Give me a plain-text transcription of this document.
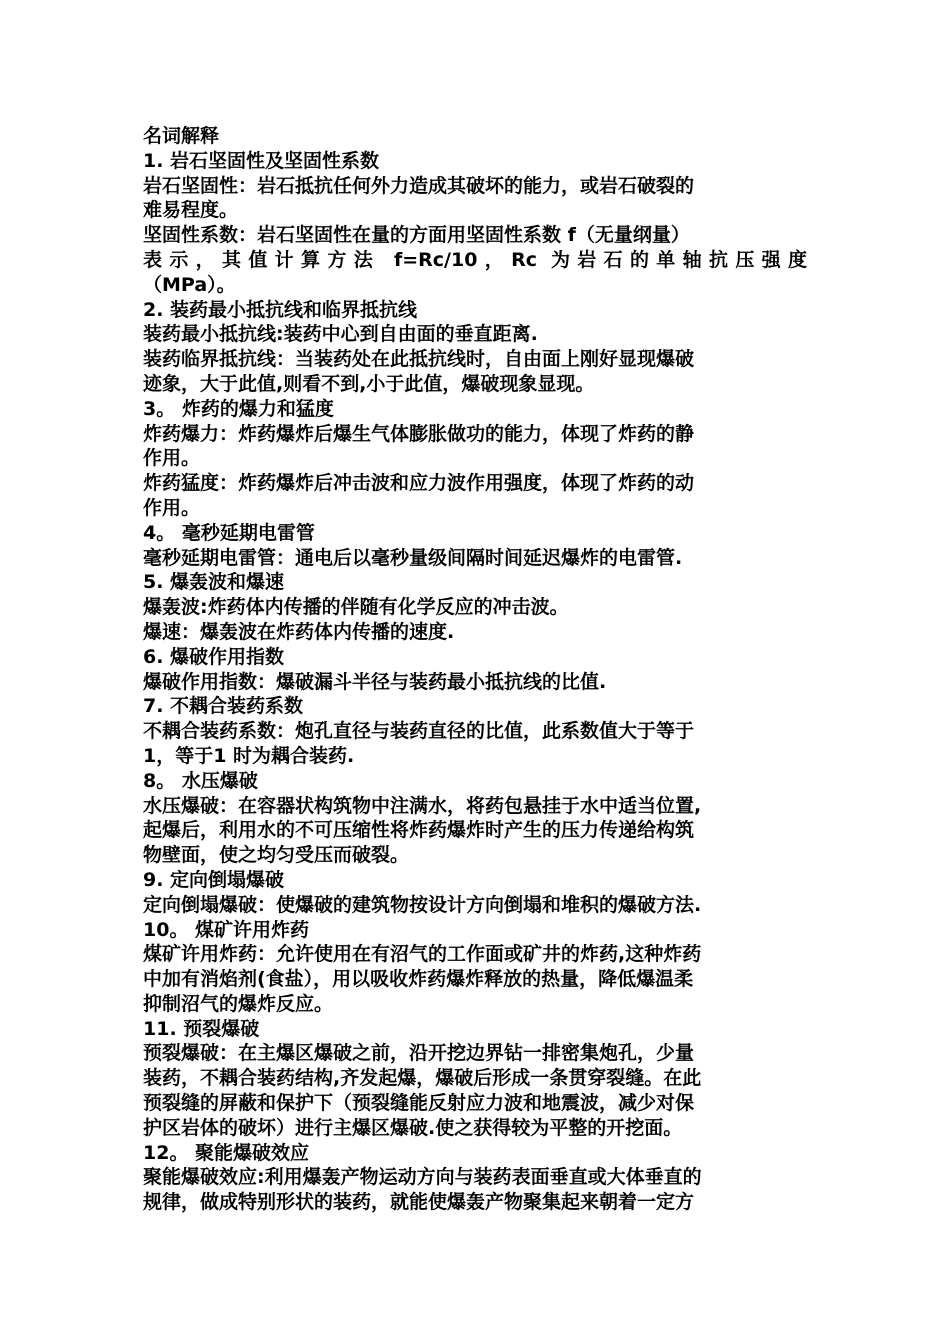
名词解释
1. 岩石坚固性及坚固性系数
岩石坚固性：岩石抵抗任何外力造成其破坏的能力，或岩石破裂的
难易程度。
坚固性系数：岩石坚固性在量的方面用坚固性系数 f（无量纲量）
表示，其值计算方法 f=Rc/10，Rc 为岩石的单轴抗压强度
（MPa）。
2. 装药最小抵抗线和临界抵抗线
装药最小抵抗线:装药中心到自由面的垂直距离.
装药临界抵抗线：当装药处在此抵抗线时，自由面上刚好显现爆破
迹象，大于此值,则看不到,小于此值，爆破现象显现。
3。 炸药的爆力和猛度
炸药爆力：炸药爆炸后爆生气体膨胀做功的能力，体现了炸药的静
作用。
炸药猛度：炸药爆炸后冲击波和应力波作用强度，体现了炸药的动
作用。
4。 毫秒延期电雷管
毫秒延期电雷管：通电后以毫秒量级间隔时间延迟爆炸的电雷管.
5. 爆轰波和爆速
爆轰波:炸药体内传播的伴随有化学反应的冲击波。
爆速：爆轰波在炸药体内传播的速度.
6. 爆破作用指数
爆破作用指数：爆破漏斗半径与装药最小抵抗线的比值.
7. 不耦合装药系数
不耦合装药系数：炮孔直径与装药直径的比值，此系数值大于等于
1，等于1 时为耦合装药.
8。 水压爆破
水压爆破：在容器状构筑物中注满水，将药包悬挂于水中适当位置,
起爆后，利用水的不可压缩性将炸药爆炸时产生的压力传递给构筑
物壁面，使之均匀受压而破裂。
9. 定向倒塌爆破
定向倒塌爆破：使爆破的建筑物按设计方向倒塌和堆积的爆破方法.
10。 煤矿许用炸药
煤矿许用炸药：允许使用在有沼气的工作面或矿井的炸药,这种炸药
中加有消焰剂(食盐），用以吸收炸药爆炸释放的热量，降低爆温柔
抑制沼气的爆炸反应。
11. 预裂爆破
预裂爆破：在主爆区爆破之前，沿开挖边界钻一排密集炮孔，少量
装药，不耦合装药结构,齐发起爆，爆破后形成一条贯穿裂缝。在此
预裂缝的屏蔽和保护下（预裂缝能反射应力波和地震波，减少对保
护区岩体的破坏）进行主爆区爆破.使之获得较为平整的开挖面。
12。 聚能爆破效应
聚能爆破效应:利用爆轰产物运动方向与装药表面垂直或大体垂直的
规律，做成特别形状的装药，就能使爆轰产物聚集起来朝着一定方
